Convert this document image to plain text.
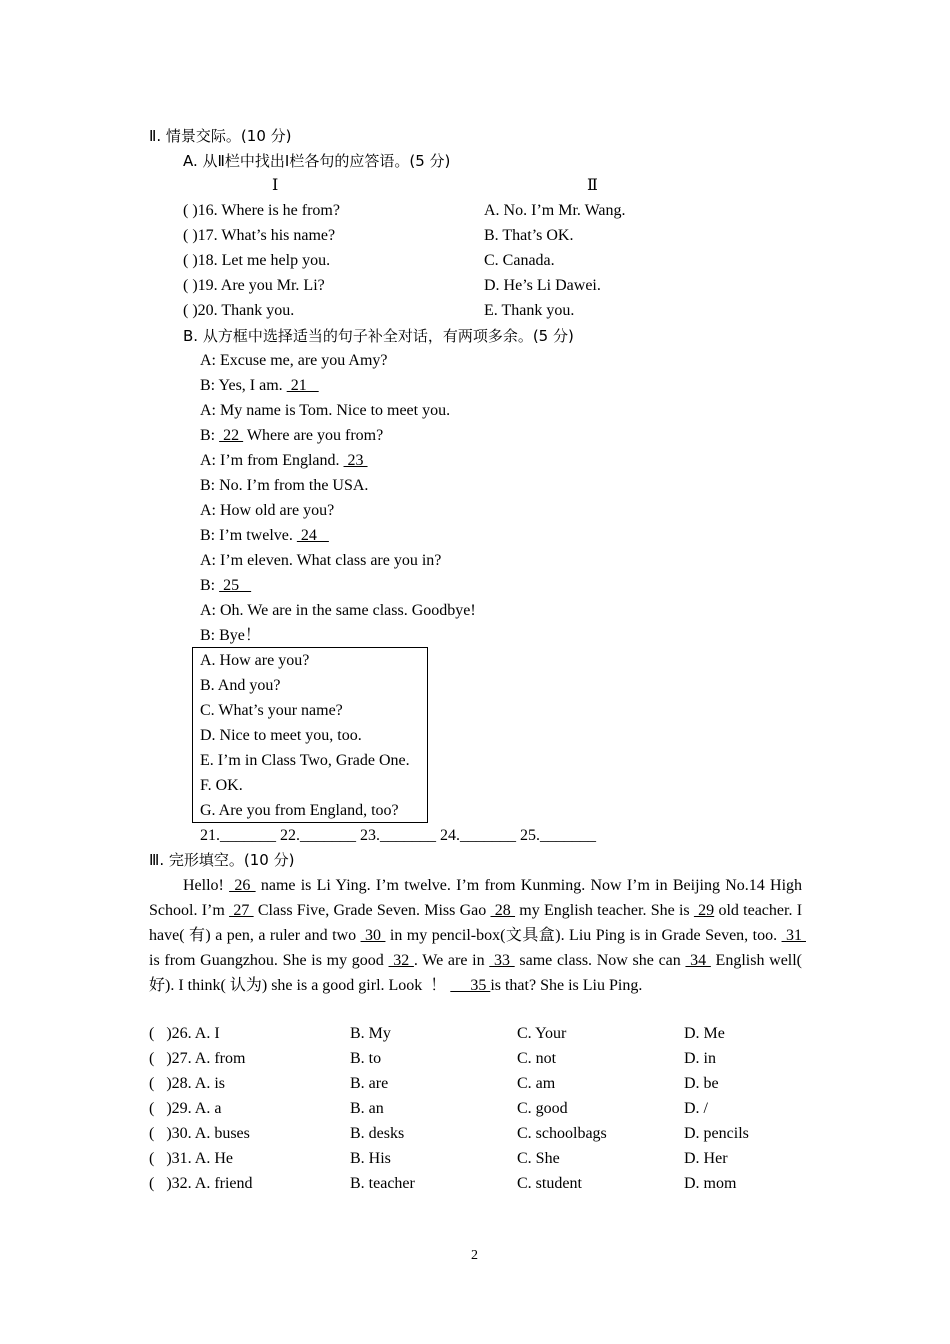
Ⅱ. 情景交际。(10 分)
A. 从Ⅱ栏中找出Ⅰ栏各句的应答语。(5 分)
Ⅰ	Ⅱ
( )16. Where is he from?	A. No. I’m Mr. Wang.
( )17. What’s his name?	B. That’s OK.
( )18. Let me help you.	C. Canada.
( )19. Are you Mr. Li?	D. He’s Li Dawei.
( )20. Thank you.	E. Thank you.
B. 从方框中选择适当的句子补全对话，有两项多余。(5 分)
A: Excuse me, are you Amy?
B: Yes, I am.  21
A: My name is Tom. Nice to meet you.
B:  22  Where are you from?
A: I’m from England.  23
B: No. I’m from the USA.
A: How old are you?
B: I’m twelve.  24
A: I’m eleven. What class are you in?
B:  25
A: Oh. We are in the same class. Goodbye!
B: Bye！
A. How are you?
B. And you?
C. What’s your name?
D. Nice to meet you, too.
E. I’m in Class Two, Grade One.
F. OK.
G. Are you from England, too?
21._______ 22._______ 23._______ 24._______ 25._______
Ⅲ. 完形填空。(10 分)
Hello!  26  name is Li Ying. I’m twelve. I’m from Kunming. Now I’m in Beijing No.14 High School. I’m  27  Class Five, Grade Seven. Miss Gao  28  my English teacher. She is  29 old teacher. I have( 有) a pen, a ruler and two  30  in my pencil-box(文具盒). Liu Ping is in Grade Seven, too.  31  is from Guangzhou. She is my good  32 . We are in  33  same class. Now she can  34  English well(  好). I think( 认为) she is a good girl. Look  ！      35 is that? She is Liu Ping.
(   )26. A. I	B. My	C. Your	D. Me
(   )27. A. from	B. to	C. not	D. in
(   )28. A. is	B. are	C. am	D. be
(   )29. A. a	B. an	C. good	D. /
(   )30. A. buses	B. desks	C. schoolbags	D. pencils
(   )31. A. He	B. His	C. She	D. Her
(   )32. A. friend	B. teacher	C. student	D. mom
2
